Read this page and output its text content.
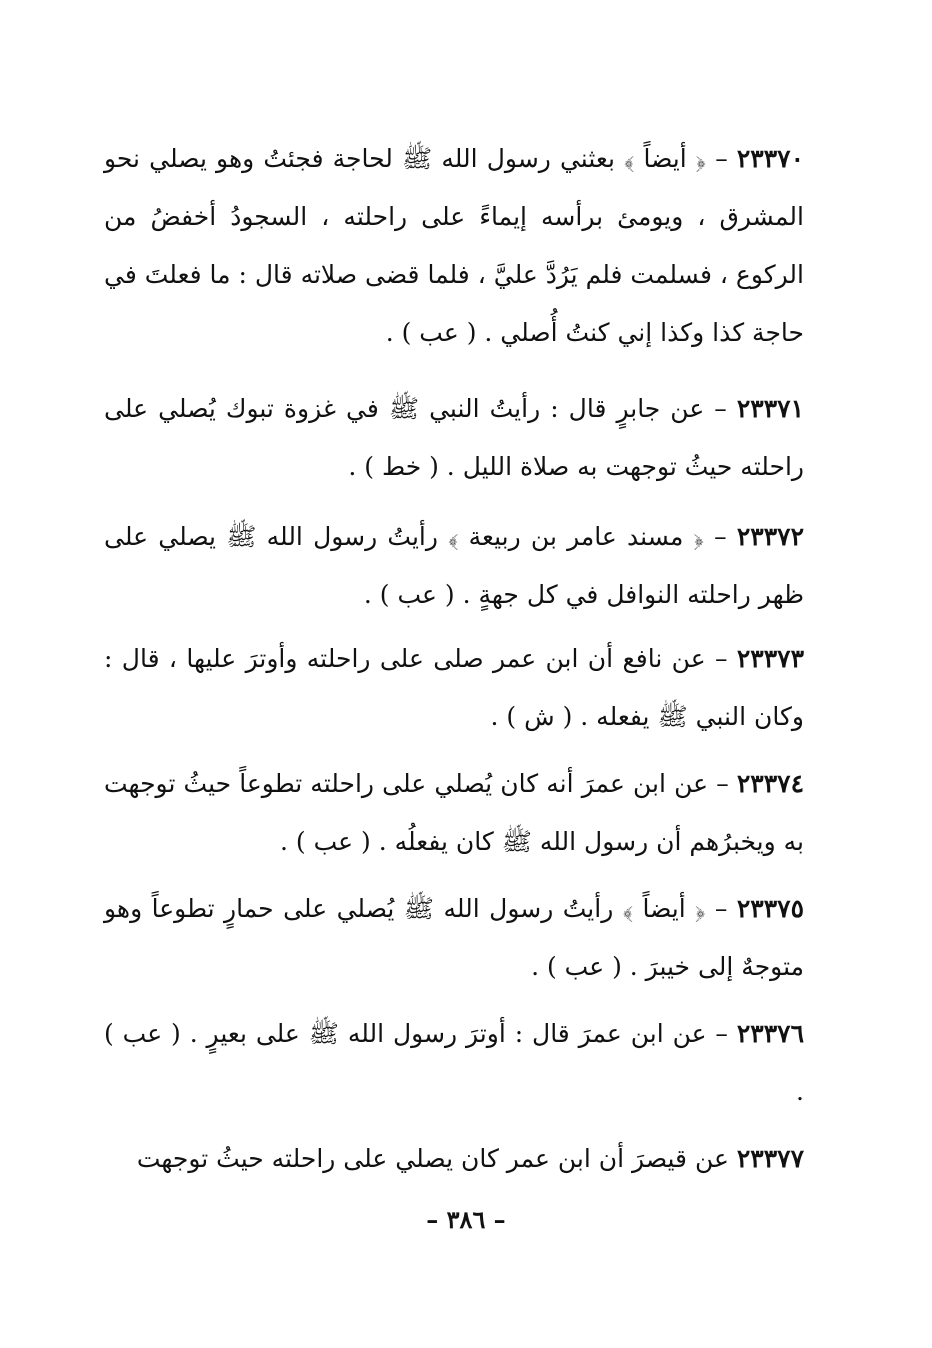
٢٣٣٧٠ – ﴿ أيضاً ﴾ بعثني رسول الله ﷺ لحاجة فجئتُ وهو يصلي نحو المشرق ، ويومئ برأسه إيماءً على راحلته ، السجودُ أخفضُ من الركوع ، فسلمت فلم يَرُدَّ عليَّ ، فلما قضى صلاته قال : ما فعلتَ في حاجة كذا وكذا إني كنتُ أُصلي . ( عب ) .

٢٣٣٧١ – عن جابرٍ قال : رأيتُ النبي ﷺ في غزوة تبوك يُصلي على راحلته حيثُ توجهت به صلاة الليل . ( خط ) .

٢٣٣٧٢ – ﴿ مسند عامر بن ربيعة ﴾ رأيتُ رسول الله ﷺ يصلي على ظهر راحلته النوافل في كل جهةٍ . ( عب ) .

٢٣٣٧٣ – عن نافع أن ابن عمر صلى على راحلته وأوترَ عليها ، قال : وكان النبي ﷺ يفعله . ( ش ) .

٢٣٣٧٤ – عن ابن عمرَ أنه كان يُصلي على راحلته تطوعاً حيثُ توجهت به ويخبرُهم أن رسول الله ﷺ كان يفعلُه . ( عب ) .

٢٣٣٧٥ – ﴿ أيضاً ﴾ رأيتُ رسول الله ﷺ يُصلي على حمارٍ تطوعاً وهو متوجهٌ إلى خيبرَ . ( عب ) .

٢٣٣٧٦ – عن ابن عمرَ قال : أوترَ رسول الله ﷺ على بعيرٍ . ( عب ) .

٢٣٣٧٧ عن قيصرَ أن ابن عمر كان يصلي على راحلته حيثُ توجهت

– ٣٨٦ –
